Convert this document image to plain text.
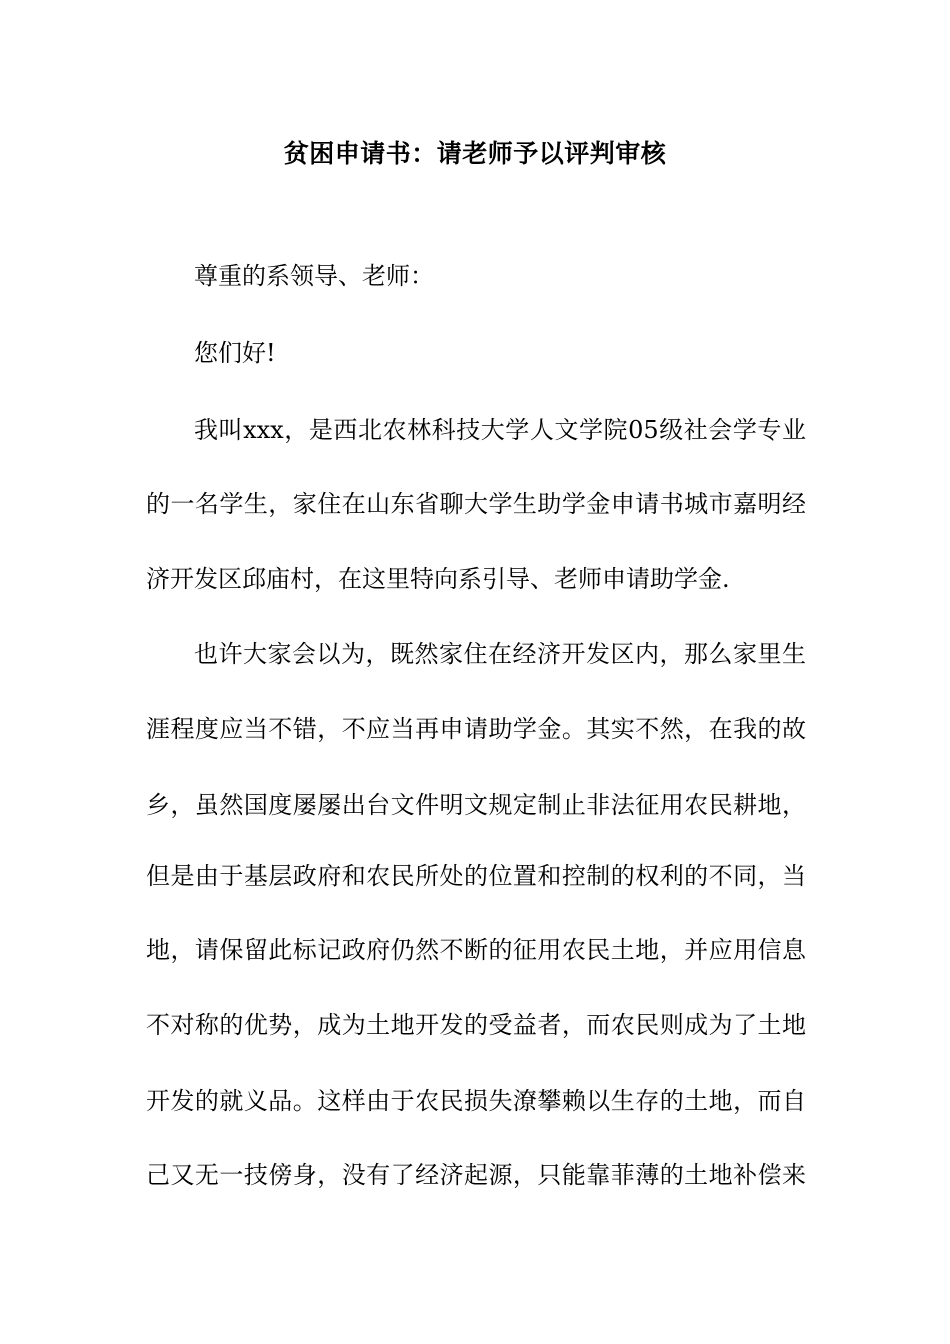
贫困申请书：请老师予以评判审核
尊重的系领导、老师：
您们好!
我叫xxx，是西北农林科技大学人文学院05级社会学专业
的一名学生，家住在山东省聊大学生助学金申请书城市嘉明经
济开发区邱庙村，在这里特向系引导、老师申请助学金.
也许大家会以为，既然家住在经济开发区内，那么家里生
涯程度应当不错，不应当再申请助学金。其实不然，在我的故
乡，虽然国度屡屡出台文件明文规定制止非法征用农民耕地，
但是由于基层政府和农民所处的位置和控制的权利的不同，当
地，请保留此标记政府仍然不断的征用农民土地，并应用信息
不对称的优势，成为土地开发的受益者，而农民则成为了土地
开发的就义品。这样由于农民损失潦攀赖以生存的土地，而自
己又无一技傍身，没有了经济起源，只能靠菲薄的土地补偿来
